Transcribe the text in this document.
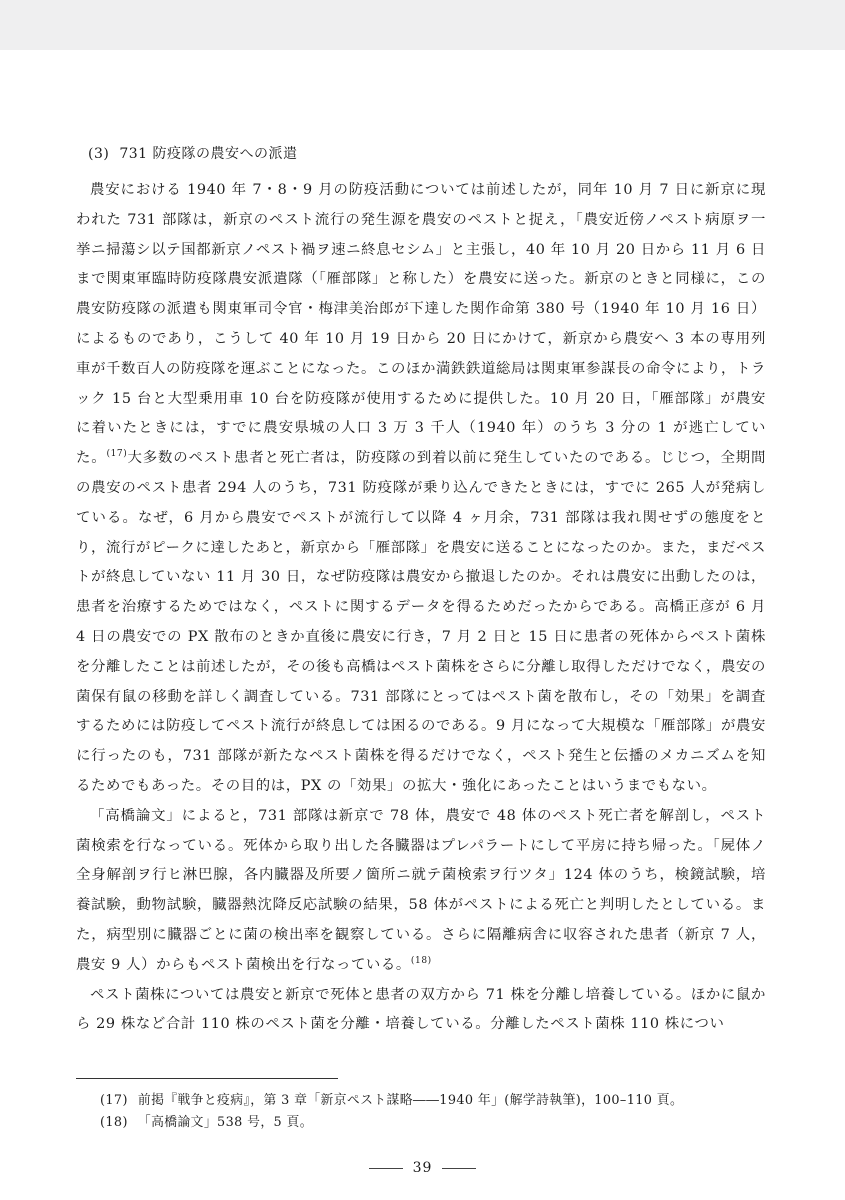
(3) 731 防疫隊の農安への派遣

農安における 1940 年 7・8・9 月の防疫活動については前述したが，同年 10 月 7 日に新京に現われた 731 部隊は，新京のペスト流行の発生源を農安のペストと捉え，「農安近傍ノペスト病原ヲ一挙ニ掃蕩シ以テ国都新京ノペスト禍ヲ速ニ終息セシム」と主張し，40 年 10 月 20 日から 11 月 6 日まで関東軍臨時防疫隊農安派遣隊（「雁部隊」と称した）を農安に送った。新京のときと同様に，この農安防疫隊の派遣も関東軍司令官・梅津美治郎が下達した関作命第 380 号（1940 年 10 月 16 日）によるものであり，こうして 40 年 10 月 19 日から 20 日にかけて，新京から農安へ 3 本の専用列車が千数百人の防疫隊を運ぶことになった。このほか満鉄鉄道総局は関東軍参謀長の命令により，トラック 15 台と大型乗用車 10 台を防疫隊が使用するために提供した。10 月 20 日，「雁部隊」が農安に着いたときには，すでに農安県城の人口 3 万 3 千人（1940 年）のうち 3 分の 1 が逃亡していた。$^{(17)}$大多数のペスト患者と死亡者は，防疫隊の到着以前に発生していたのである。じじつ，全期間の農安のペスト患者 294 人のうち，731 防疫隊が乗り込んできたときには，すでに 265 人が発病している。なぜ，6 月から農安でペストが流行して以降 4 ヶ月余，731 部隊は我れ関せずの態度をとり，流行がピークに達したあと，新京から「雁部隊」を農安に送ることになったのか。また，まだペストが終息していない 11 月 30 日，なぜ防疫隊は農安から撤退したのか。それは農安に出動したのは，患者を治療するためではなく，ペストに関するデータを得るためだったからである。高橋正彦が 6 月 4 日の農安での PX 散布のときか直後に農安に行き，7 月 2 日と 15 日に患者の死体からペスト菌株を分離したことは前述したが，その後も高橋はペスト菌株をさらに分離し取得しただけでなく，農安の菌保有鼠の移動を詳しく調査している。731 部隊にとってはペスト菌を散布し，その「効果」を調査するためには防疫してペスト流行が終息しては困るのである。9 月になって大規模な「雁部隊」が農安に行ったのも，731 部隊が新たなペスト菌株を得るだけでなく，ペスト発生と伝播のメカニズムを知るためでもあった。その目的は，PX の「効果」の拡大・強化にあったことはいうまでもない。

「高橋論文」によると，731 部隊は新京で 78 体，農安で 48 体のペスト死亡者を解剖し，ペスト菌検索を行なっている。死体から取り出した各臓器はプレパラートにして平房に持ち帰った。「屍体ノ全身解剖ヲ行ヒ淋巴腺，各内臓器及所要ノ箇所ニ就テ菌検索ヲ行ツタ」124 体のうち，検鏡試験，培養試験，動物試験，臓器熱沈降反応試験の結果，58 体がペストによる死亡と判明したとしている。また，病型別に臓器ごとに菌の検出率を観察している。さらに隔離病舎に収容された患者（新京 7 人，農安 9 人）からもペスト菌検出を行なっている。$^{(18)}$

ペスト菌株については農安と新京で死体と患者の双方から 71 株を分離し培養している。ほかに鼠から 29 株など合計 110 株のペスト菌を分離・培養している。分離したペスト菌株 110 株につい

(17) 前掲『戦争と疫病』，第 3 章「新京ペスト謀略――1940 年」(解学詩執筆)，100–110 頁。

(18) 「高橋論文」538 号，5 頁。

39
